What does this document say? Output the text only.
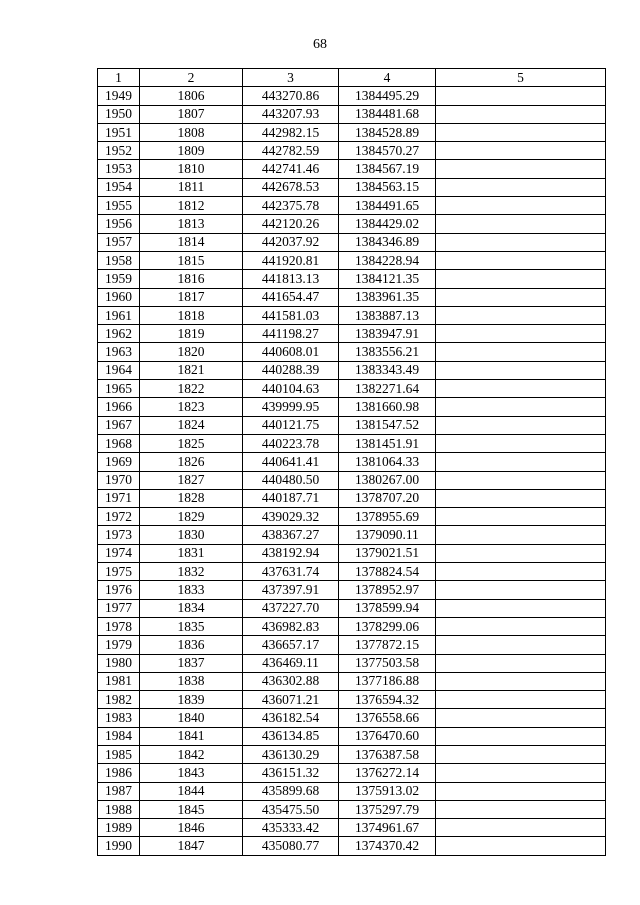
68
1	2	3	4	5
1949	1806	443270.86	1384495.29	
1950	1807	443207.93	1384481.68	
1951	1808	442982.15	1384528.89	
1952	1809	442782.59	1384570.27	
1953	1810	442741.46	1384567.19	
1954	1811	442678.53	1384563.15	
1955	1812	442375.78	1384491.65	
1956	1813	442120.26	1384429.02	
1957	1814	442037.92	1384346.89	
1958	1815	441920.81	1384228.94	
1959	1816	441813.13	1384121.35	
1960	1817	441654.47	1383961.35	
1961	1818	441581.03	1383887.13	
1962	1819	441198.27	1383947.91	
1963	1820	440608.01	1383556.21	
1964	1821	440288.39	1383343.49	
1965	1822	440104.63	1382271.64	
1966	1823	439999.95	1381660.98	
1967	1824	440121.75	1381547.52	
1968	1825	440223.78	1381451.91	
1969	1826	440641.41	1381064.33	
1970	1827	440480.50	1380267.00	
1971	1828	440187.71	1378707.20	
1972	1829	439029.32	1378955.69	
1973	1830	438367.27	1379090.11	
1974	1831	438192.94	1379021.51	
1975	1832	437631.74	1378824.54	
1976	1833	437397.91	1378952.97	
1977	1834	437227.70	1378599.94	
1978	1835	436982.83	1378299.06	
1979	1836	436657.17	1377872.15	
1980	1837	436469.11	1377503.58	
1981	1838	436302.88	1377186.88	
1982	1839	436071.21	1376594.32	
1983	1840	436182.54	1376558.66	
1984	1841	436134.85	1376470.60	
1985	1842	436130.29	1376387.58	
1986	1843	436151.32	1376272.14	
1987	1844	435899.68	1375913.02	
1988	1845	435475.50	1375297.79	
1989	1846	435333.42	1374961.67	
1990	1847	435080.77	1374370.42	
